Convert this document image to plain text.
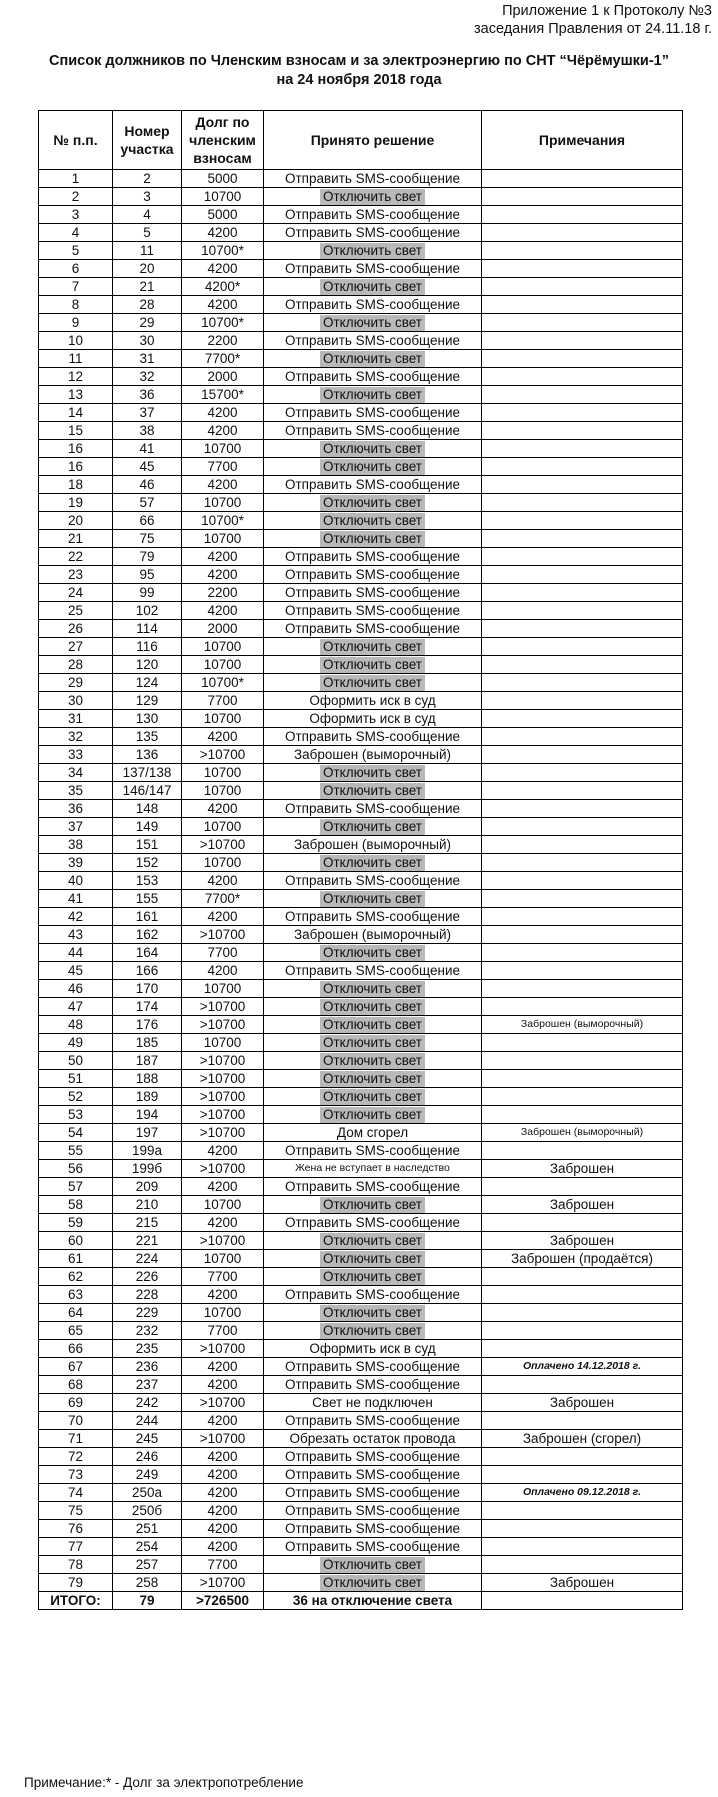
Приложение 1 к Протоколу №3
заседания Правления от 24.11.18 г.
Список должников по Членским взносам и за электроэнергию по СНТ “Чёрёмушки-1”
на 24 ноября 2018 года
№ п.п.	Номер участка	Долг по членским взносам	Принято решение	Примечания
1	2	5000	Отправить SMS-сообщение	
2	3	10700	Отключить свет	
3	4	5000	Отправить SMS-сообщение	
4	5	4200	Отправить SMS-сообщение	
5	11	10700*	Отключить свет	
6	20	4200	Отправить SMS-сообщение	
7	21	4200*	Отключить свет	
8	28	4200	Отправить SMS-сообщение	
9	29	10700*	Отключить свет	
10	30	2200	Отправить SMS-сообщение	
11	31	7700*	Отключить свет	
12	32	2000	Отправить SMS-сообщение	
13	36	15700*	Отключить свет	
14	37	4200	Отправить SMS-сообщение	
15	38	4200	Отправить SMS-сообщение	
16	41	10700	Отключить свет	
16	45	7700	Отключить свет	
18	46	4200	Отправить SMS-сообщение	
19	57	10700	Отключить свет	
20	66	10700*	Отключить свет	
21	75	10700	Отключить свет	
22	79	4200	Отправить SMS-сообщение	
23	95	4200	Отправить SMS-сообщение	
24	99	2200	Отправить SMS-сообщение	
25	102	4200	Отправить SMS-сообщение	
26	114	2000	Отправить SMS-сообщение	
27	116	10700	Отключить свет	
28	120	10700	Отключить свет	
29	124	10700*	Отключить свет	
30	129	7700	Оформить иск в суд	
31	130	10700	Оформить иск в суд	
32	135	4200	Отправить SMS-сообщение	
33	136	>10700	Заброшен (выморочный)	
34	137/138	10700	Отключить свет	
35	146/147	10700	Отключить свет	
36	148	4200	Отправить SMS-сообщение	
37	149	10700	Отключить свет	
38	151	>10700	Заброшен (выморочный)	
39	152	10700	Отключить свет	
40	153	4200	Отправить SMS-сообщение	
41	155	7700*	Отключить свет	
42	161	4200	Отправить SMS-сообщение	
43	162	>10700	Заброшен (выморочный)	
44	164	7700	Отключить свет	
45	166	4200	Отправить SMS-сообщение	
46	170	10700	Отключить свет	
47	174	>10700	Отключить свет	
48	176	>10700	Отключить свет	Заброшен (выморочный)
49	185	10700	Отключить свет	
50	187	>10700	Отключить свет	
51	188	>10700	Отключить свет	
52	189	>10700	Отключить свет	
53	194	>10700	Отключить свет	
54	197	>10700	Дом сгорел	Заброшен (выморочный)
55	199а	4200	Отправить SMS-сообщение	
56	199б	>10700	Жена не вступает в наследство	Заброшен
57	209	4200	Отправить SMS-сообщение	
58	210	10700	Отключить свет	Заброшен
59	215	4200	Отправить SMS-сообщение	
60	221	>10700	Отключить свет	Заброшен
61	224	10700	Отключить свет	Заброшен (продаётся)
62	226	7700	Отключить свет	
63	228	4200	Отправить SMS-сообщение	
64	229	10700	Отключить свет	
65	232	7700	Отключить свет	
66	235	>10700	Оформить иск в суд	
67	236	4200	Отправить SMS-сообщение	Оплачено 14.12.2018 г.
68	237	4200	Отправить SMS-сообщение	
69	242	>10700	Свет не подключен	Заброшен
70	244	4200	Отправить SMS-сообщение	
71	245	>10700	Обрезать остаток провода	Заброшен (сгорел)
72	246	4200	Отправить SMS-сообщение	
73	249	4200	Отправить SMS-сообщение	
74	250а	4200	Отправить SMS-сообщение	Оплачено 09.12.2018 г.
75	250б	4200	Отправить SMS-сообщение	
76	251	4200	Отправить SMS-сообщение	
77	254	4200	Отправить SMS-сообщение	
78	257	7700	Отключить свет	
79	258	>10700	Отключить свет	Заброшен
ИТОГО:	79	>726500	36 на отключение света	
Примечание:* - Долг за электропотребление
